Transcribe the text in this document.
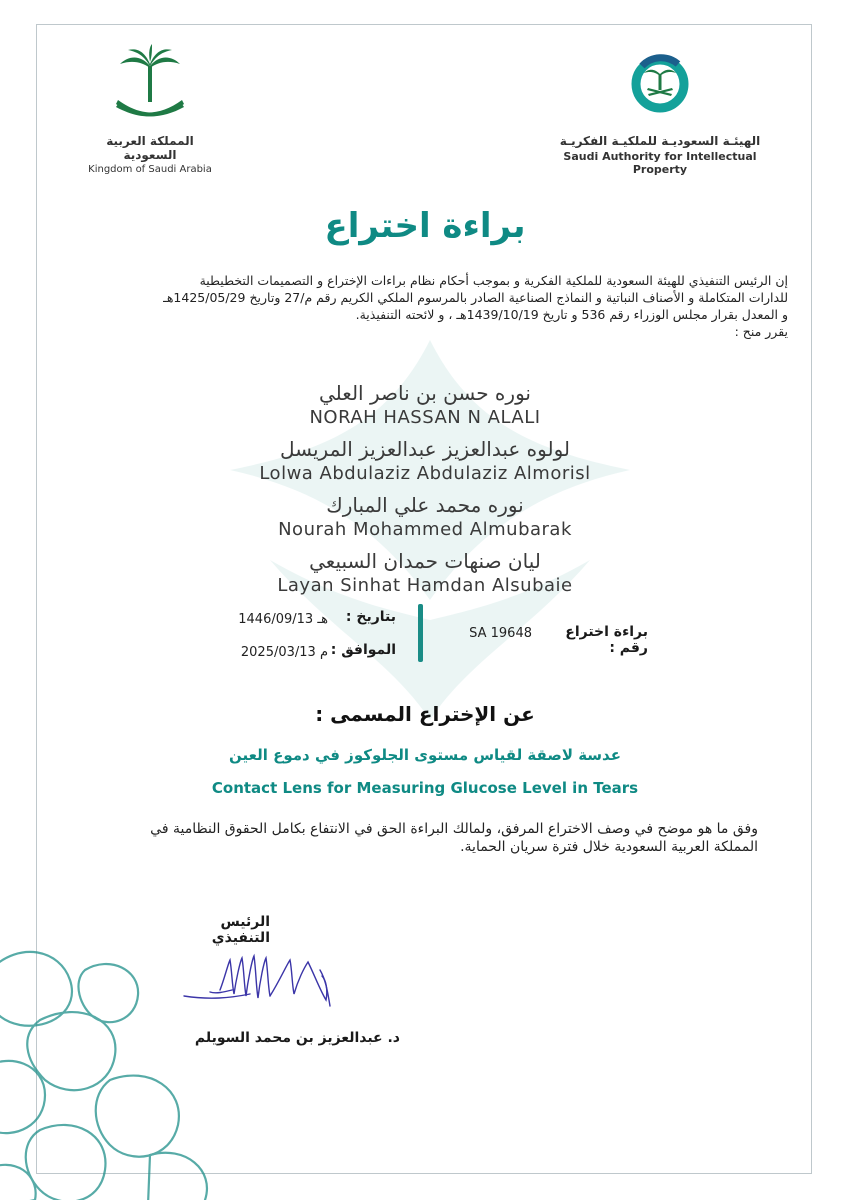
المملكة العربية السعودية
Kingdom of Saudi Arabia
الهيئـة السعوديـة للملكيـة الفكريـة
Saudi Authority for Intellectual Property
براءة اختراع
إن الرئيس التنفيذي للهيئة السعودية للملكية الفكرية و بموجب أحكام نظام براءات الإختراع و التصميمات التخطيطية
للدارات المتكاملة و الأصناف النباتية و النماذج الصناعية الصادر بالمرسوم الملكي الكريم رقم م/27 وتاريخ 1425/05/29هـ
و المعدل بقرار مجلس الوزراء رقم 536 و تاريخ 1439/10/19هـ ، و لائحته التنفيذية.
يقرر منح :
نوره حسن بن ناصر العلي
NORAH HASSAN N ALALI
لولوه عبدالعزيز عبدالعزيز المريسل
Lolwa Abdulaziz Abdulaziz Almorisl
نوره محمد علي المبارك
Nourah Mohammed Almubarak
ليان صنهات حمدان السبيعي
Layan Sinhat Hamdan Alsubaie
براءة اختراع رقم :
SA 19648
بتاريخ :
1446/09/13 هـ
الموافق :
2025/03/13 م
عن الإختراع المسمى :
عدسة لاصقة لقياس مستوى الجلوكوز في دموع العين
Contact Lens for Measuring Glucose Level in Tears
وفق ما هو موضح في وصف الاختراع المرفق، ولمالك البراءة الحق في الانتفاع بكامل الحقوق النظامية في
المملكة العربية السعودية خلال فترة سريان الحماية.
الرئيس التنفيذي
د. عبدالعزيز بن محمد السويلم
